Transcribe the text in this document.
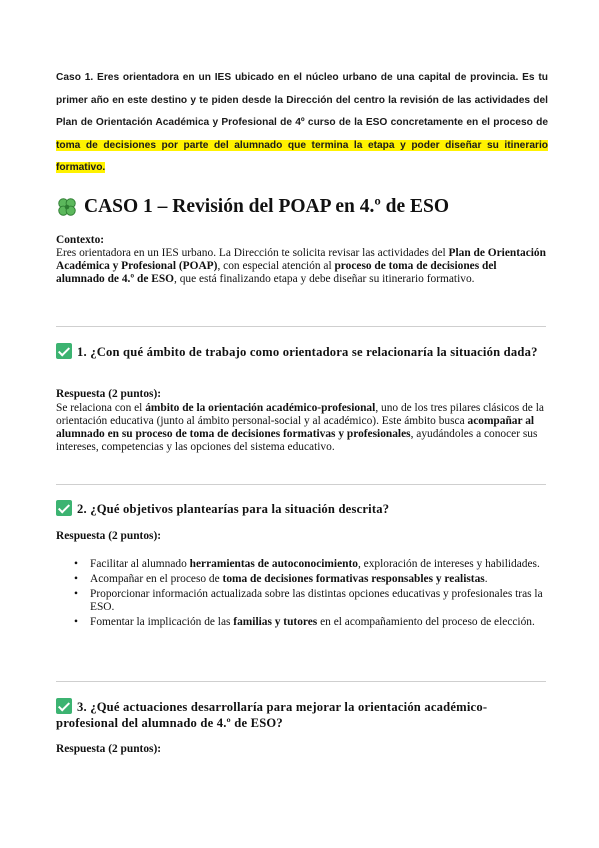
Caso 1. Eres orientadora en un IES ubicado en el núcleo urbano de una capital de provincia. Es tu primer año en este destino y te piden desde la Dirección del centro la revisión de las actividades del Plan de Orientación Académica y Profesional de 4º curso de la ESO concretamente en el proceso de toma de decisiones por parte del alumnado que termina la etapa y poder diseñar su itinerario formativo.
CASO 1 – Revisión del POAP en 4.º de ESO
Contexto:
Eres orientadora en un IES urbano. La Dirección te solicita revisar las actividades del Plan de Orientación Académica y Profesional (POAP), con especial atención al proceso de toma de decisiones del alumnado de 4.º de ESO, que está finalizando etapa y debe diseñar su itinerario formativo.
1. ¿Con qué ámbito de trabajo como orientadora se relacionaría la situación dada?
Respuesta (2 puntos):
Se relaciona con el ámbito de la orientación académico-profesional, uno de los tres pilares clásicos de la orientación educativa (junto al ámbito personal-social y al académico). Este ámbito busca acompañar al alumnado en su proceso de toma de decisiones formativas y profesionales, ayudándoles a conocer sus intereses, competencias y las opciones del sistema educativo.
2. ¿Qué objetivos plantearías para la situación descrita?
Respuesta (2 puntos):
• Facilitar al alumnado herramientas de autoconocimiento, exploración de intereses y habilidades.
• Acompañar en el proceso de toma de decisiones formativas responsables y realistas.
• Proporcionar información actualizada sobre las distintas opciones educativas y profesionales tras la ESO.
• Fomentar la implicación de las familias y tutores en el acompañamiento del proceso de elección.
3. ¿Qué actuaciones desarrollaría para mejorar la orientación académico-profesional del alumnado de 4.º de ESO?
Respuesta (2 puntos):
